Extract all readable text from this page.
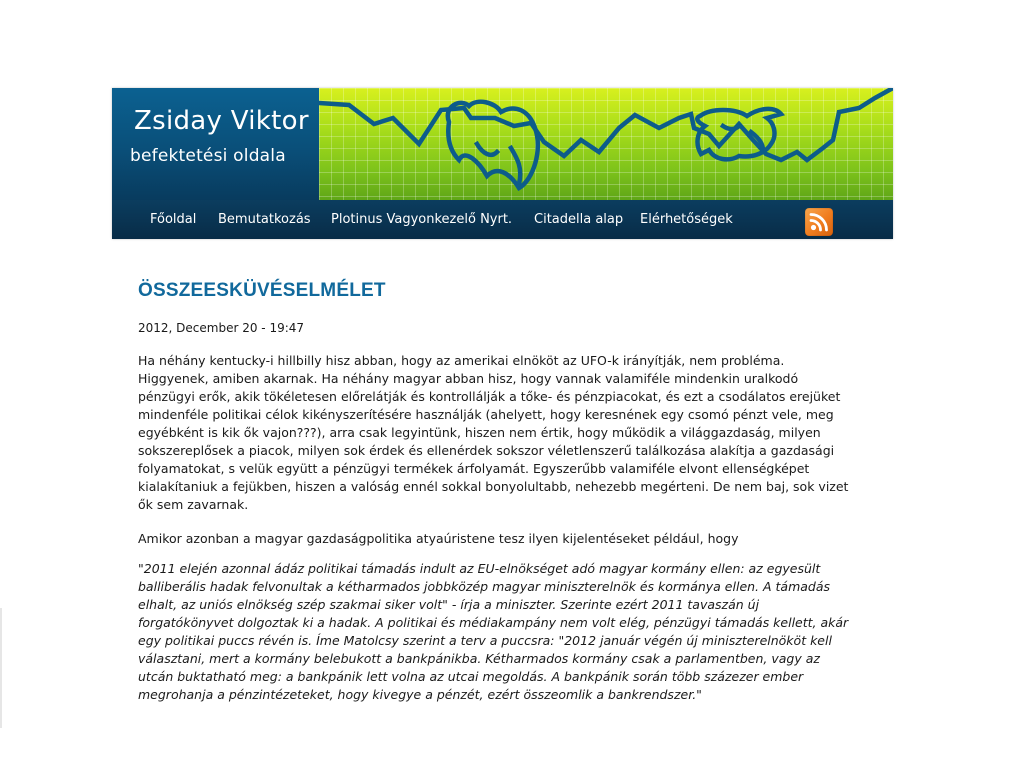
Zsiday Viktor
befektetési oldala
Főoldal Bemutatkozás Plotinus Vagyonkezelő Nyrt. Citadella alap Elérhetőségek
ÖSSZEESKÜVÉSELMÉLET
2012, December 20 - 19:47

Ha néhány kentucky-i hillbilly hisz abban, hogy az amerikai elnököt az UFO-k irányítják, nem probléma. Higgyenek, amiben akarnak. Ha néhány magyar abban hisz, hogy vannak valamiféle mindenkin uralkodó pénzügyi erők, akik tökéletesen előrelátják és kontrollálják a tőke- és pénzpiacokat, és ezt a csodálatos erejüket mindenféle politikai célok kikényszerítésére használják (ahelyett, hogy keresnének egy csomó pénzt vele, meg egyébként is kik ők vajon???), arra csak legyintünk, hiszen nem értik, hogy működik a világgazdaság, milyen sokszereplősek a piacok, milyen sok érdek és ellenérdek sokszor véletlenszerű találkozása alakítja a gazdasági folyamatokat, s velük együtt a pénzügyi termékek árfolyamát. Egyszerűbb valamiféle elvont ellenségképet kialakítaniuk a fejükben, hiszen a valóság ennél sokkal bonyolultabb, nehezebb megérteni. De nem baj, sok vizet ők sem zavarnak.

Amikor azonban a magyar gazdaságpolitika atyaúristene tesz ilyen kijelentéseket például, hogy

"2011 elején azonnal ádáz politikai támadás indult az EU-elnökséget adó magyar kormány ellen: az egyesült balliberális hadak felvonultak a kétharmados jobbközép magyar miniszterelnök és kormánya ellen. A támadás elhalt, az uniós elnökség szép szakmai siker volt" - írja a miniszter. Szerinte ezért 2011 tavaszán új forgatókönyvet dolgoztak ki a hadak. A politikai és médiakampány nem volt elég, pénzügyi támadás kellett, akár egy politikai puccs révén is. Íme Matolcsy szerint a terv a puccsra: "2012 január végén új miniszterelnököt kell választani, mert a kormány belebukott a bankpánikba. Kétharmados kormány csak a parlamentben, vagy az utcán buktatható meg: a bankpánik lett volna az utcai megoldás. A bankpánik során több százezer ember megrohanja a pénzintézeteket, hogy kivegye a pénzét, ezért összeomlik a bankrendszer."
